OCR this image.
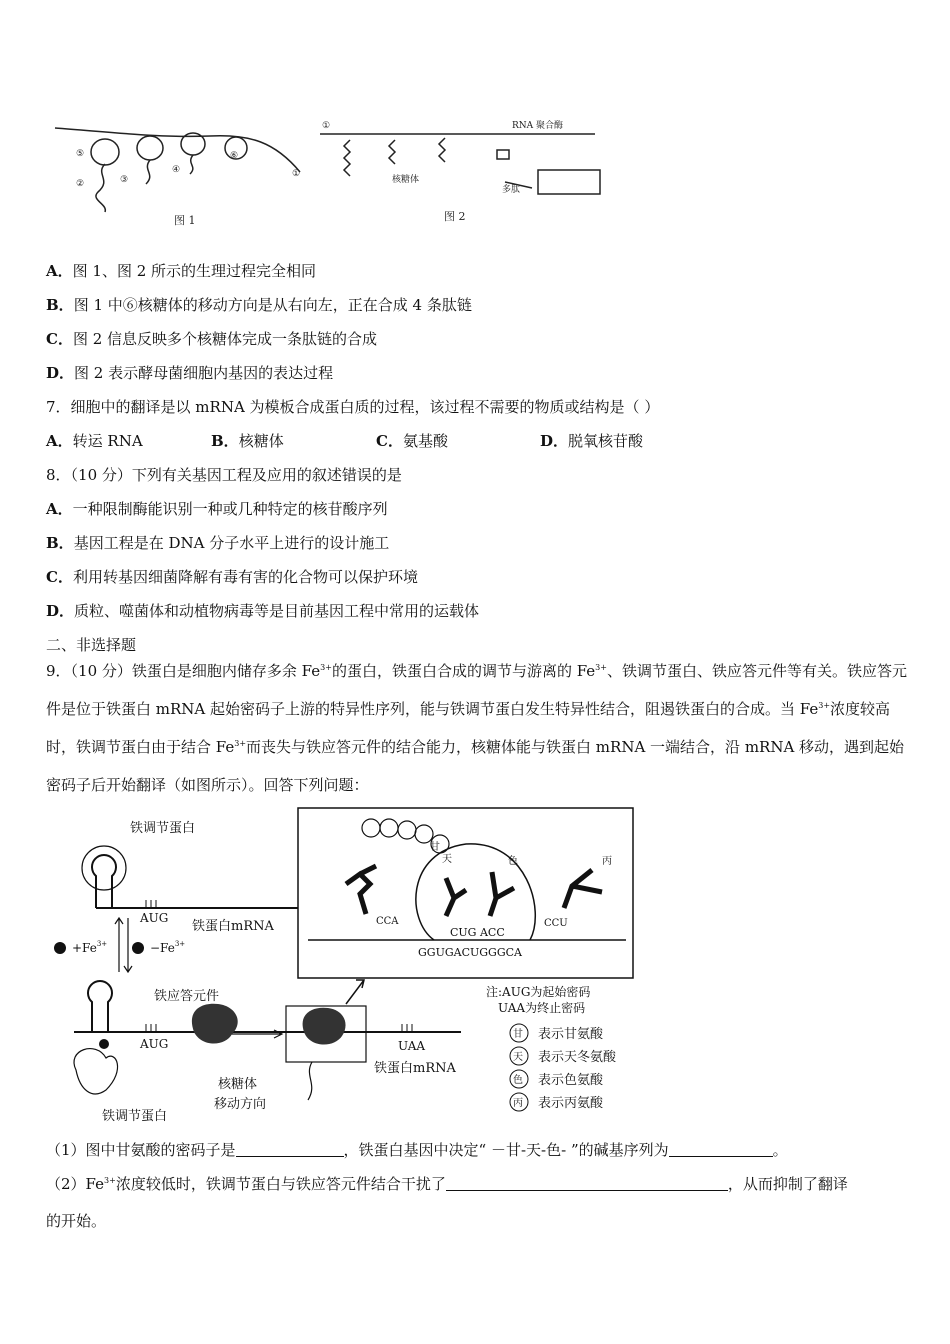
①
⑤
②	③
④
⑥
①	RNA 聚合酶
核糖体
多肽
图 1	图 2
A．图 1、图 2 所示的生理过程完全相同
B．图 1 中⑥核糖体的移动方向是从右向左，正在合成 4 条肽链
C．图 2 信息反映多个核糖体完成一条肽链的合成
D．图 2 表示酵母菌细胞内基因的表达过程
7．细胞中的翻译是以 mRNA 为模板合成蛋白质的过程，该过程不需要的物质或结构是（ ）
A．转运 RNA	B．核糖体	C．氨基酸	D．脱氧核苷酸
8．（10 分）下列有关基因工程及应用的叙述错误的是
A．一种限制酶能识别一种或几种特定的核苷酸序列
B．基因工程是在 DNA 分子水平上进行的设计施工
C．利用转基因细菌降解有毒有害的化合物可以保护环境
D．质粒、噬菌体和动植物病毒等是目前基因工程中常用的运载体
二、非选择题
9．（10 分）铁蛋白是细胞内储存多余 $Fe^{3+}$的蛋白，铁蛋白合成的调节与游离的 $Fe^{3+}$、铁调节蛋白、铁应答元件等有关。铁应答元件是位于铁蛋白 mRNA 起始密码子上游的特异性序列，能与铁调节蛋白发生特异性结合，阻遏铁蛋白的合成。当 $Fe^{3+}$浓度较高时，铁调节蛋白由于结合 $Fe^{3+}$而丧失与铁应答元件的结合能力，核糖体能与铁蛋白 mRNA 一端结合，沿 mRNA 移动，遇到起始密码子后开始翻译（如图所示）。回答下列问题：
铁调节蛋白
AUG
铁蛋白mRNA
$+Fe^{3+}$	$-Fe^{3+}$
铁应答元件
AUG	UAA
铁蛋白mRNA
核糖体
移动方向
铁调节蛋白
甘
天	色	丙
CCA
CUG ACC
CCU
GGUGACUGGGCA
注:AUG为起始密码
UAA为终止密码
甘
天
色
丙
表示甘氨酸
表示天冬氨酸
表示色氨酸
表示丙氨酸
（1）图中甘氨酸的密码子是	，铁蛋白基因中决定“ －甘-天-色- ”的碱基序列为	。
$(2)Fe^{3+}$浓度较低时，铁调节蛋白与铁应答元件结合干扰了	，从而抑制了翻译
的开始。
